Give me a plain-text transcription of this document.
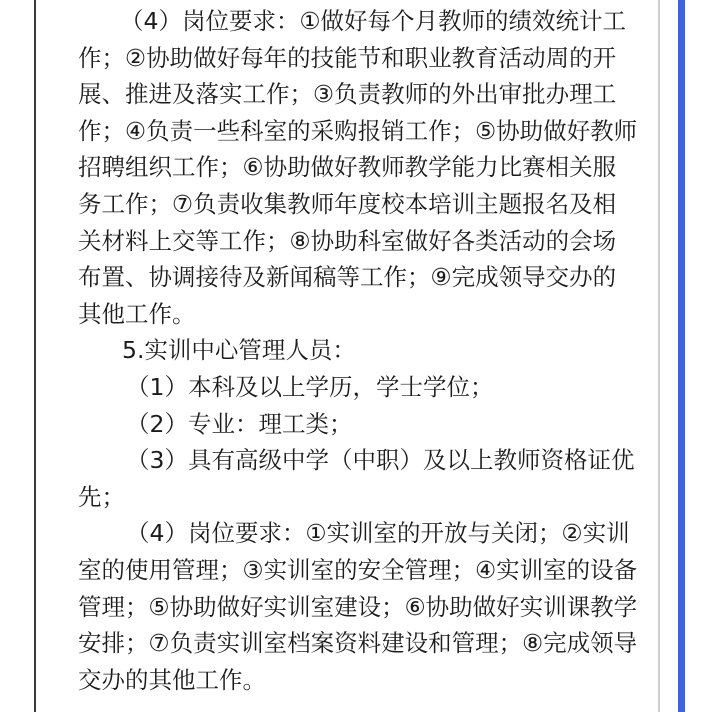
（4）岗位要求：①做好每个月教师的绩效统计工作；②协助做好每年的技能节和职业教育活动周的开展、推进及落实工作；③负责教师的外出审批办理工作；④负责一些科室的采购报销工作；⑤协助做好教师招聘组织工作；⑥协助做好教师教学能力比赛相关服务工作；⑦负责收集教师年度校本培训主题报名及相关材料上交等工作；⑧协助科室做好各类活动的会场布置、协调接待及新闻稿等工作；⑨完成领导交办的其他工作。

5.实训中心管理人员：

（1）本科及以上学历，学士学位；

（2）专业：理工类；

（3）具有高级中学（中职）及以上教师资格证优先；

（4）岗位要求：①实训室的开放与关闭；②实训室的使用管理；③实训室的安全管理；④实训室的设备管理；⑤协助做好实训室建设；⑥协助做好实训课教学安排；⑦负责实训室档案资料建设和管理；⑧完成领导交办的其他工作。
